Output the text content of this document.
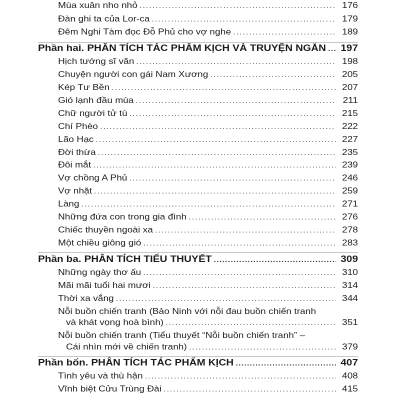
Mùa xuân nho nhỏ .....	176
Đàn ghi ta của Lor-ca .....	179
Đêm Nghi Tàm đọc Đỗ Phủ cho vợ nghe .....	189
Phần hai. PHÂN TÍCH TÁC PHẨM KỊCH VÀ TRUYỆN NGẮN ..... 197
Hịch tướng sĩ văn .....	198
Chuyện người con gái Nam Xương .....	205
Kép Tư Bền .....	207
Gió lạnh đầu mùa .....	211
Chữ người tử tù .....	215
Chí Phèo .....	222
Lão Hạc .....	227
Đời thừa .....	235
Đôi mắt .....	239
Vợ chồng A Phủ .....	246
Vợ nhặt .....	259
Làng .....	271
Những đứa con trong gia đình .....	276
Chiếc thuyền ngoài xa .....	278
Một chiều giông gió .....	283
Phần ba. PHÂN TÍCH TIỂU THUYẾT .....	309
Những ngày thơ ấu .....	310
Mãi mãi tuổi hai mươi .....	314
Thời xa vắng .....	344
Nỗi buồn chiến tranh (Bảo Ninh với nỗi đau buồn chiến tranh
và khát vọng hoà bình) .....	351
Nỗi buồn chiến tranh (Tiểu thuyết “Nỗi buồn chiến tranh” –
Cái nhìn mới về chiến tranh) .....	379
Phần bốn. PHÂN TÍCH TÁC PHẨM KỊCH .....	407
Tình yêu và thù hận .....	408
Vĩnh biệt Cửu Trùng Đài .....	415
